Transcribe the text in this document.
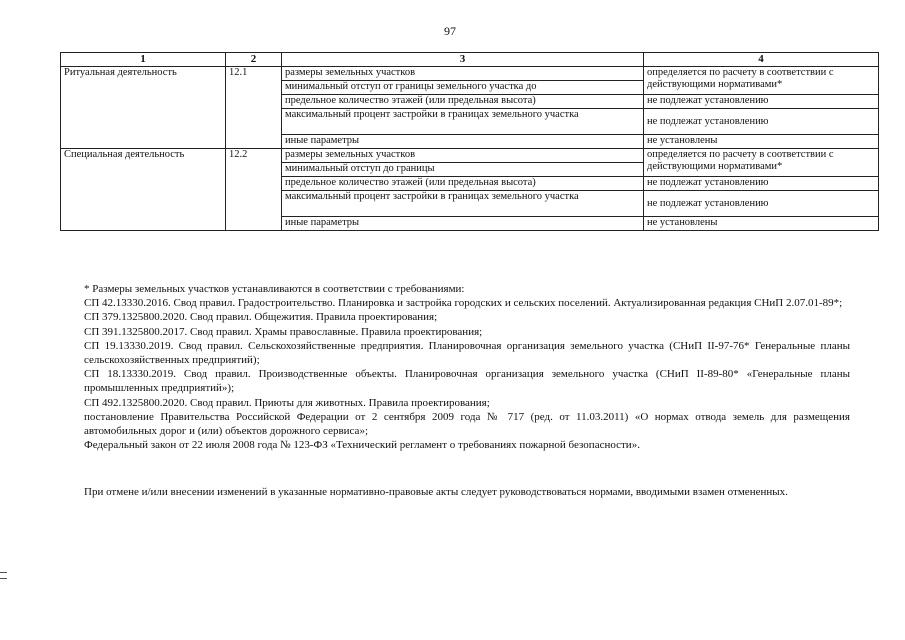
97
1	2	3	4
Ритуальная деятельность	12.1	размеры земельных участков	определяется по расчету в соответствии с действующими нормативами*
		минимальный отступ от границы земельного участка до	
		предельное количество этажей (или предельная высота)	не подлежат установлению
		максимальный процент застройки в границах земельного участка	не подлежат установлению
		иные параметры	не установлены
Специальная деятельность	12.2	размеры земельных участков	определяется по расчету в соответствии с действующими нормативами*
		минимальный отступ до границы	
		предельное количество этажей (или предельная высота)	не подлежат установлению
		максимальный процент застройки в границах земельного участка	не подлежат установлению
		иные параметры	не установлены

* Размеры земельных участков устанавливаются в соответствии с требованиями:

СП 42.13330.2016. Свод правил. Градостроительство. Планировка и застройка городских и сельских поселений. Актуализированная редакция СНиП 2.07.01-89*;

СП 379.1325800.2020. Свод правил. Общежития. Правила проектирования;

СП 391.1325800.2017. Свод правил. Храмы православные. Правила проектирования;

СП 19.13330.2019. Свод правил. Сельскохозяйственные предприятия. Планировочная организация земельного участка (СНиП II-97-76* Генеральные планы сельскохозяйственных предприятий);

СП 18.13330.2019. Свод правил. Производственные объекты. Планировочная организация земельного участка (СНиП II-89-80* «Генеральные планы промышленных предприятий»);

СП 492.1325800.2020. Свод правил. Приюты для животных. Правила проектирования;

постановление Правительства Российской Федерации от 2 сентября 2009 года № 717 (ред. от 11.03.2011) «О нормах отвода земель для размещения автомобильных дорог и (или) объектов дорожного сервиса»;

Федеральный закон от 22 июля 2008 года № 123-ФЗ «Технический регламент о требованиях пожарной безопасности».

При отмене и/или внесении изменений в указанные нормативно-правовые акты следует руководствоваться нормами, вводимыми взамен отмененных.
